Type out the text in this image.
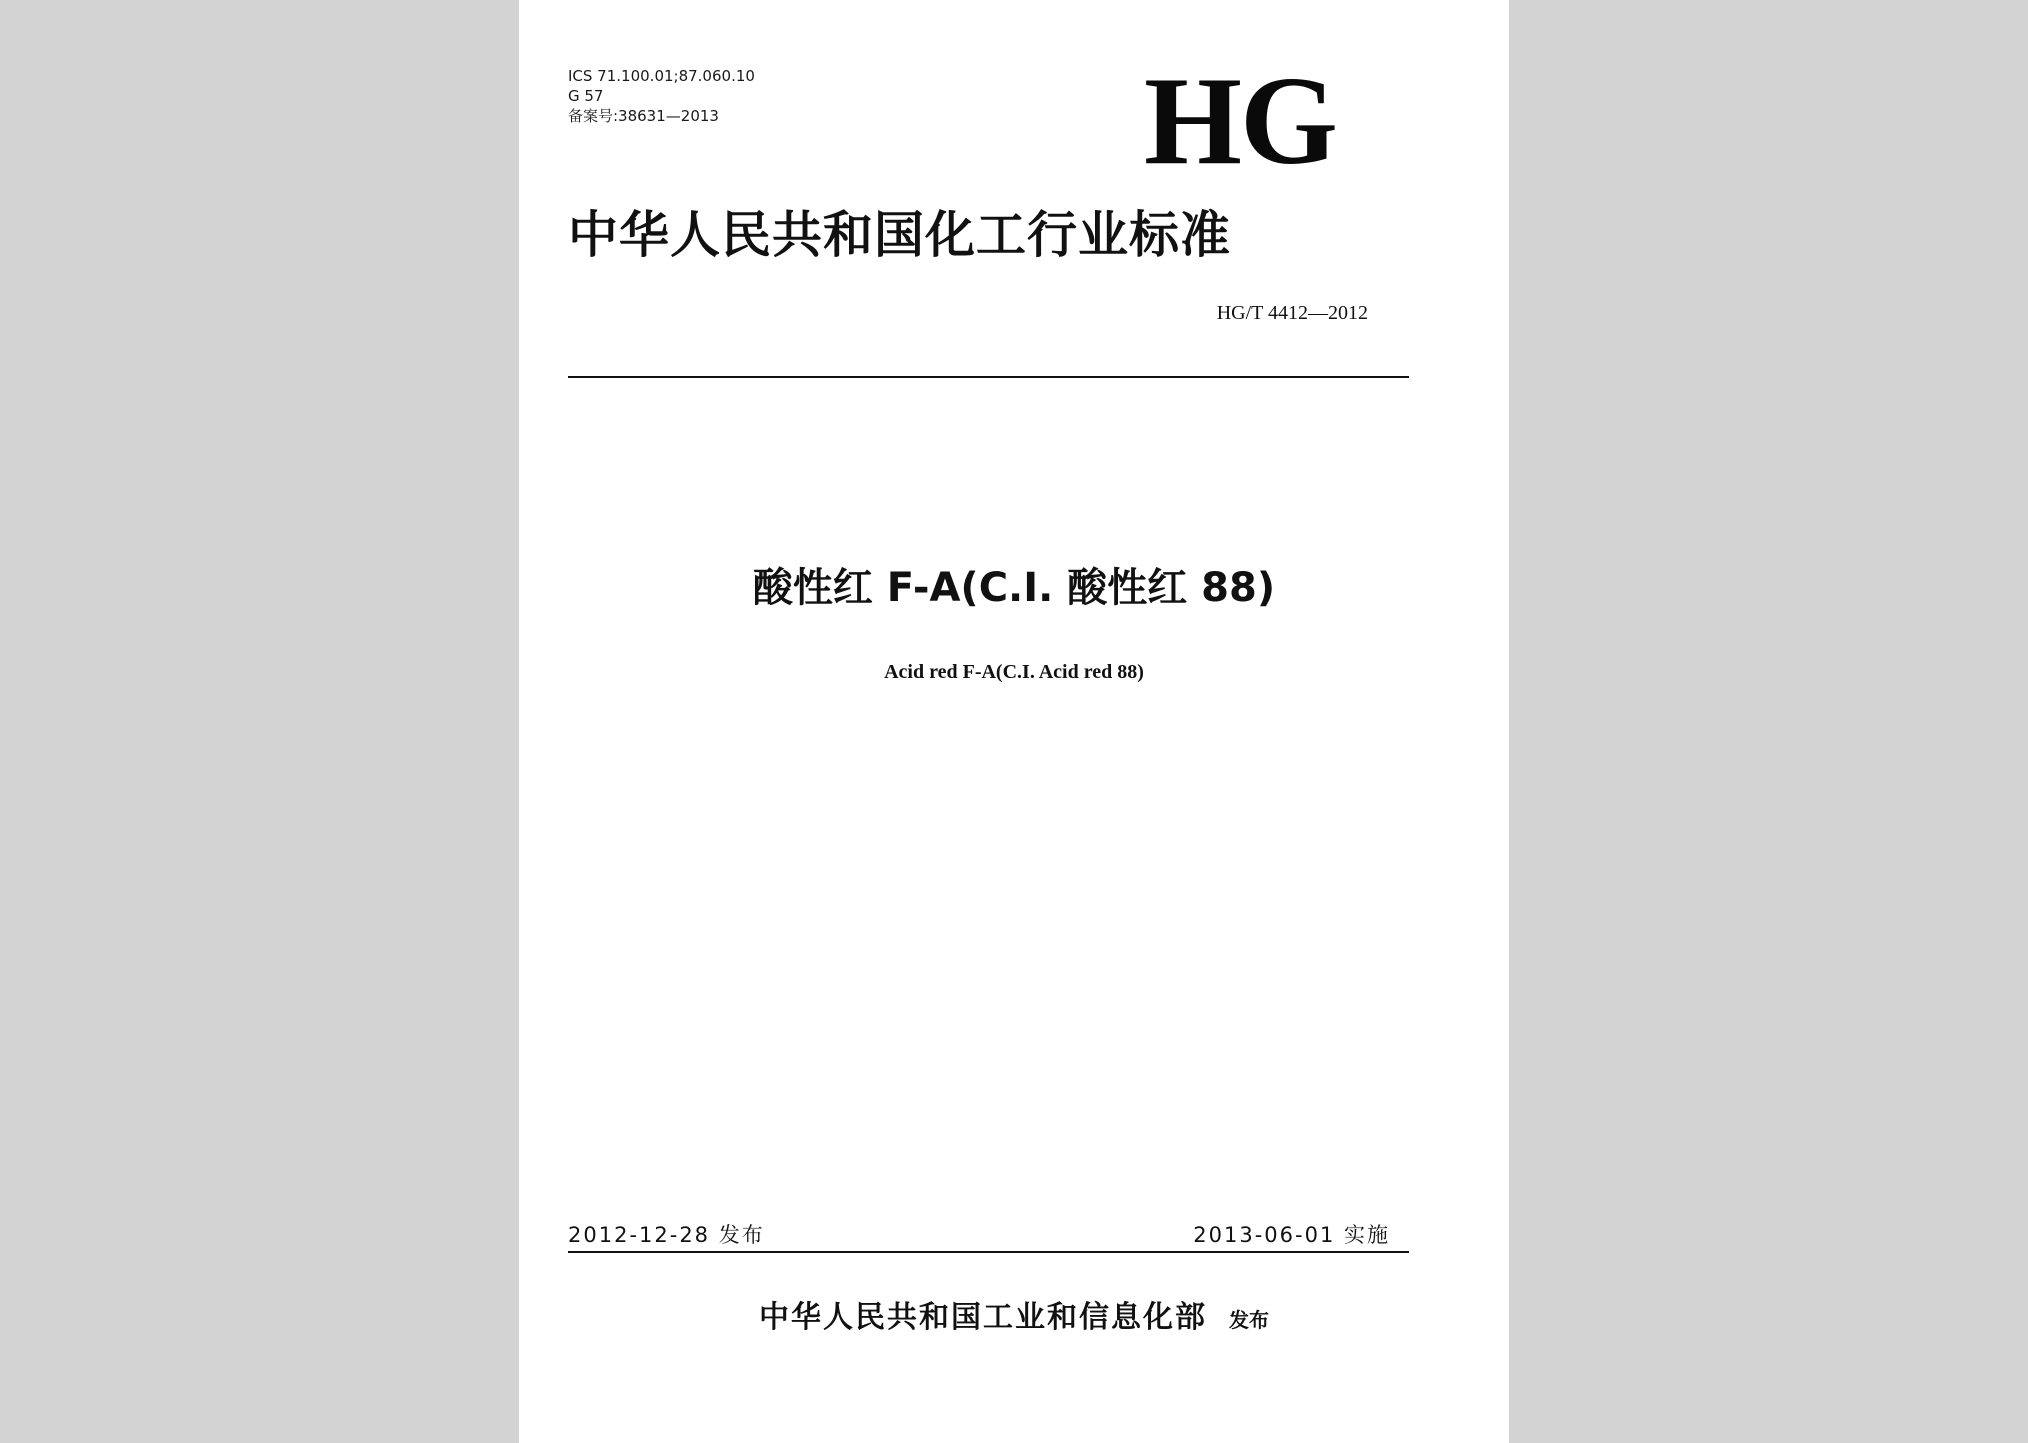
ICS 71.100.01;87.060.10
G 57
备案号:38631—2013	HG
中华人民共和国化工行业标准
HG/T 4412—2012
酸性红 F-A(C.I. 酸性红 88)
Acid red F-A(C.I. Acid red 88)
2012-12-28 发布	2013-06-01 实施
中华人民共和国工业和信息化部 发布
